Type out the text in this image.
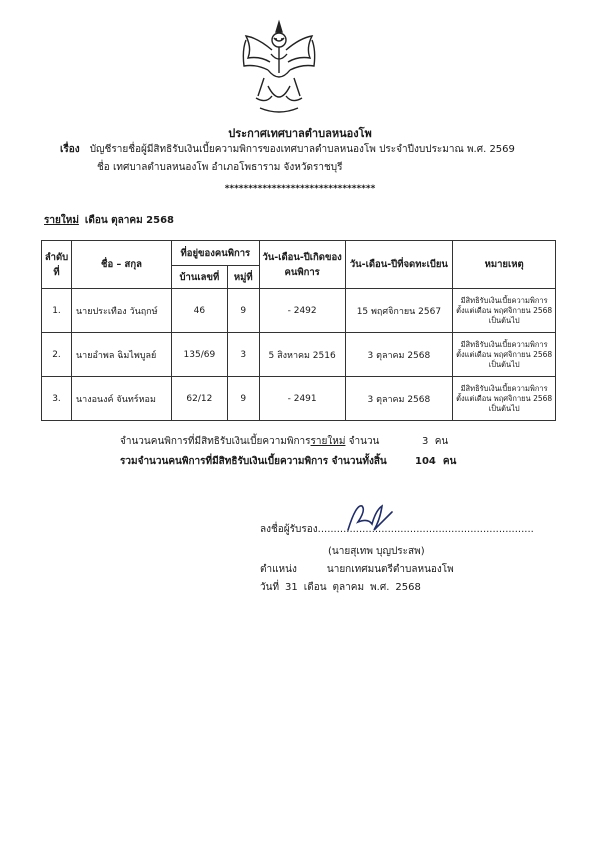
ประกาศเทศบาลตำบลหนองโพ
เรื่อง บัญชีรายชื่อผู้มีสิทธิรับเงินเบี้ยความพิการของเทศบาลตำบลหนองโพ ประจำปีงบประมาณ พ.ศ. 2569
ชื่อ เทศบาลตำบลหนองโพ อำเภอโพธาราม จังหวัดราชบุรี
********************************
รายใหม่ เดือน ตุลาคม 2568
ลำดับที่	ชื่อ – สกุล	ที่อยู่ของคนพิการ		วัน-เดือน-ปีเกิดของคนพิการ	วัน-เดือน-ปีที่จดทะเบียน	หมายเหตุ
		บ้านเลขที่	หมู่ที่			
1.	นายประเทือง วันฤกษ์	46	9	- 2492	15 พฤศจิกายน 2567	มีสิทธิรับเงินเบี้ยความพิการ ตั้งแต่เดือน พฤศจิกายน 2568 เป็นต้นไป
2.	นายอำพล ฉิมไพบูลย์	135/69	3	5 สิงหาคม 2516	3 ตุลาคม 2568	มีสิทธิรับเงินเบี้ยความพิการ ตั้งแต่เดือน พฤศจิกายน 2568 เป็นต้นไป
3.	นางอนงค์ จันทร์หอม	62/12	9	- 2491	3 ตุลาคม 2568	มีสิทธิรับเงินเบี้ยความพิการ ตั้งแต่เดือน พฤศจิกายน 2568 เป็นต้นไป
จำนวนคนพิการที่มีสิทธิรับเงินเบี้ยความพิการรายใหม่ จำนวน	3 คน
รวมจำนวนคนพิการที่มีสิทธิรับเงินเบี้ยความพิการ จำนวนทั้งสิ้น	104 คน
ลงชื่อผู้รับรอง....................................................................
(นายสุเทพ บุญประสพ)
ตำแหน่ง	นายกเทศมนตรีตำบลหนองโพ
วันที่ 31 เดือน ตุลาคม พ.ศ. 2568
